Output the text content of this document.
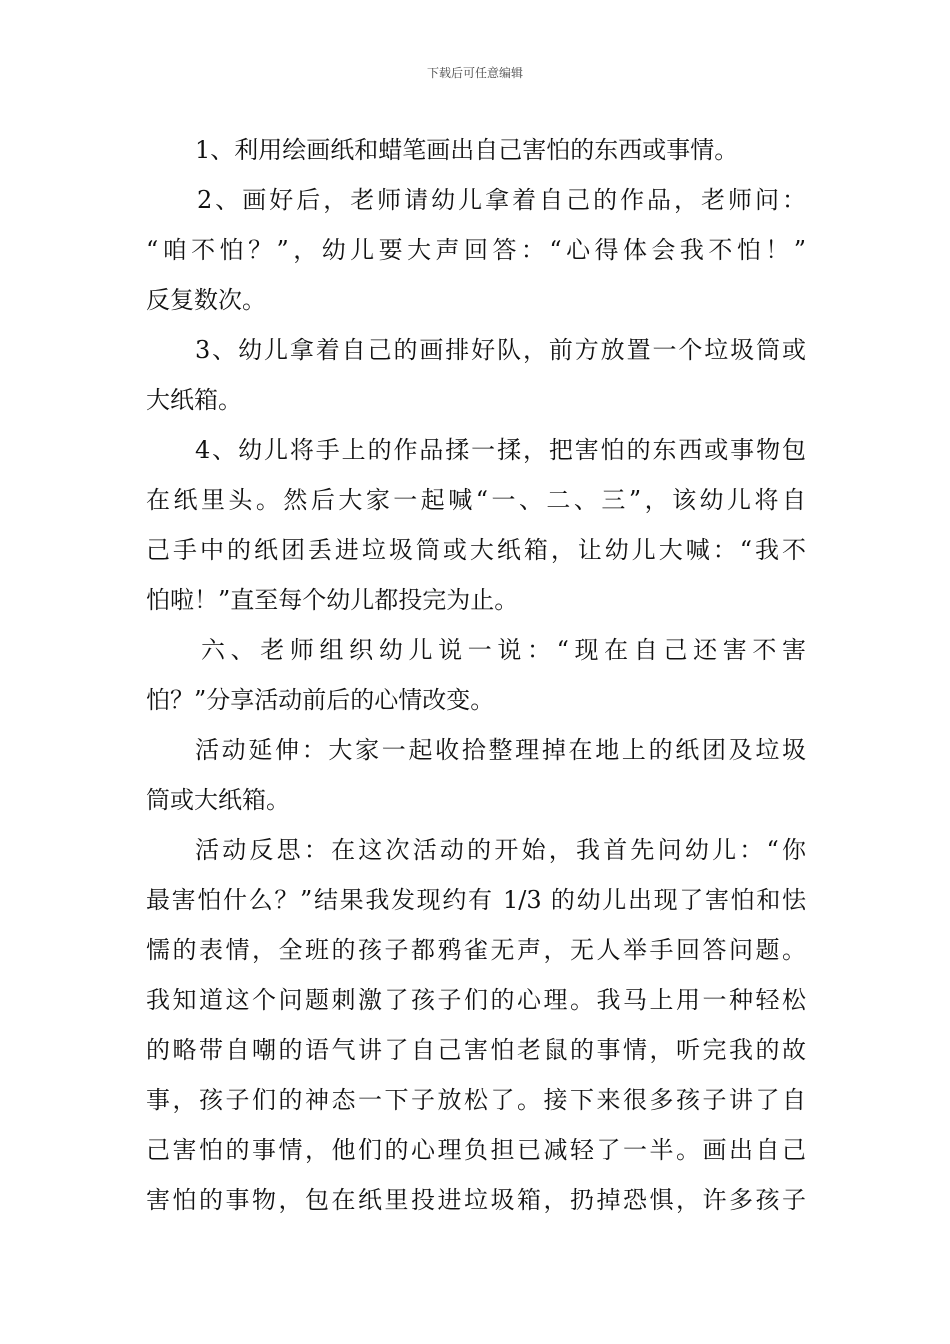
下载后可任意编辑
1、利用绘画纸和蜡笔画出自己害怕的东西或事情。
2、画好后，老师请幼儿拿着自己的作品，老师问：
“咱不怕？”，幼儿要大声回答：“心得体会我不怕！”
反复数次。
3、幼儿拿着自己的画排好队，前方放置一个垃圾筒或
大纸箱。
4、幼儿将手上的作品揉一揉，把害怕的东西或事物包
在纸里头。然后大家一起喊“一、二、三”，该幼儿将自
己手中的纸团丢进垃圾筒或大纸箱，让幼儿大喊：“我不
怕啦！”直至每个幼儿都投完为止。
六、老师组织幼儿说一说：“现在自己还害不害
怕？”分享活动前后的心情改变。
活动延伸：大家一起收拾整理掉在地上的纸团及垃圾
筒或大纸箱。
活动反思：在这次活动的开始，我首先问幼儿：“你
最害怕什么？”结果我发现约有 1/3 的幼儿出现了害怕和怯
懦的表情，全班的孩子都鸦雀无声，无人举手回答问题。
我知道这个问题刺激了孩子们的心理。我马上用一种轻松
的略带自嘲的语气讲了自己害怕老鼠的事情，听完我的故
事，孩子们的神态一下子放松了。接下来很多孩子讲了自
己害怕的事情，他们的心理负担已减轻了一半。画出自己
害怕的事物，包在纸里投进垃圾箱，扔掉恐惧，许多孩子
